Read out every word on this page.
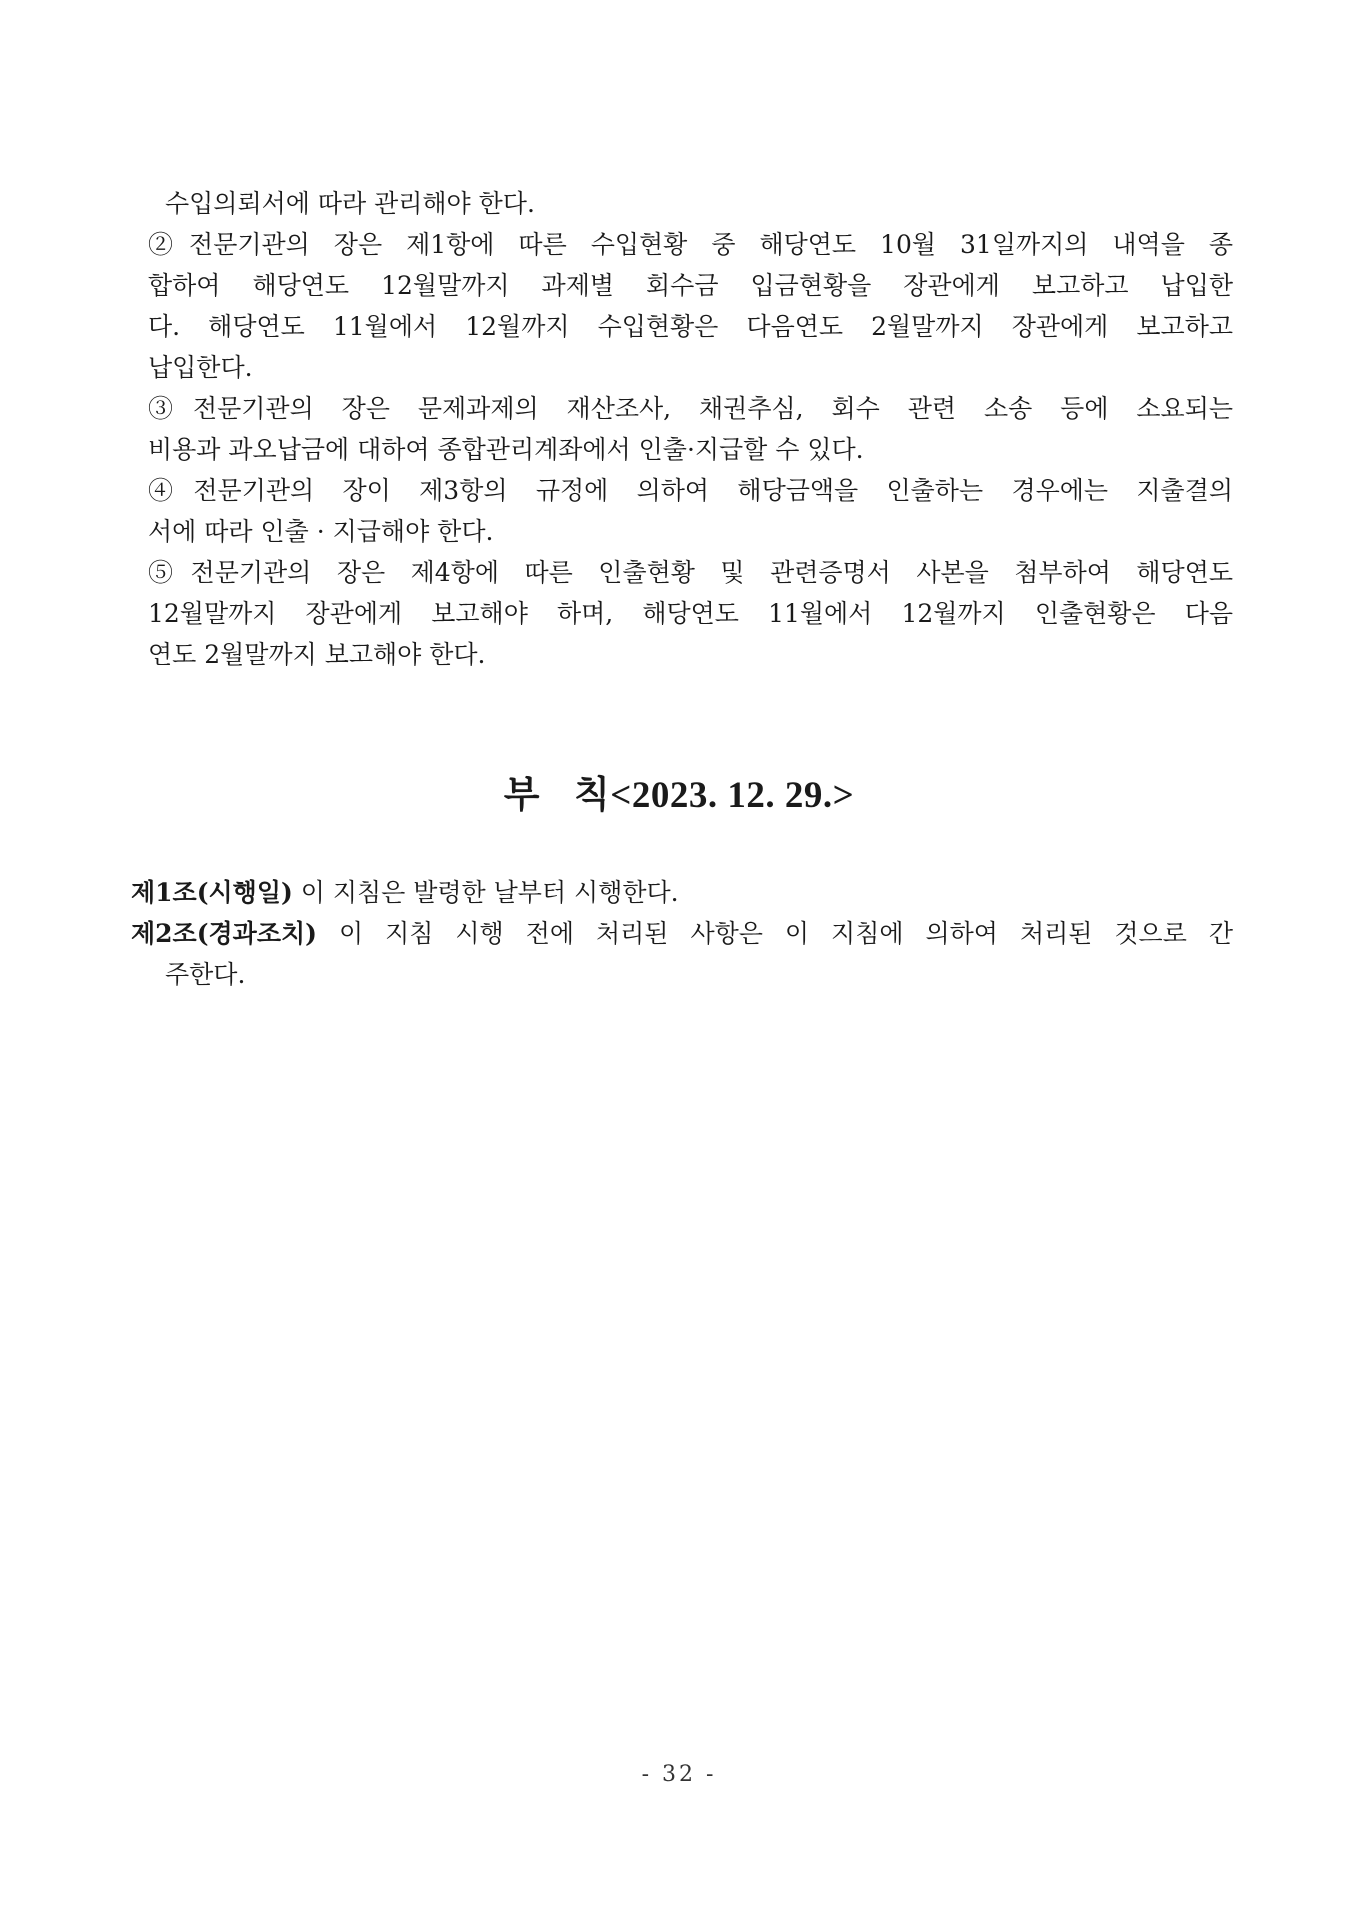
수입의뢰서에 따라 관리해야 한다.
②전문기관의 장은 제1항에 따른 수입현황 중 해당연도 10월 31일까지의 내역을 종
합하여 해당연도 12월말까지 과제별 회수금 입금현황을 장관에게 보고하고 납입한
다. 해당연도 11월에서 12월까지 수입현황은 다음연도 2월말까지 장관에게 보고하고
납입한다.
③전문기관의 장은 문제과제의 재산조사, 채권추심, 회수 관련 소송 등에 소요되는
비용과 과오납금에 대하여 종합관리계좌에서 인출·지급할 수 있다.
④전문기관의 장이 제3항의 규정에 의하여 해당금액을 인출하는 경우에는 지출결의
서에 따라 인출 · 지급해야 한다.
⑤전문기관의 장은 제4항에 따른 인출현황 및 관련증명서 사본을 첨부하여 해당연도
12월말까지 장관에게 보고해야 하며, 해당연도 11월에서 12월까지 인출현황은 다음
연도 2월말까지 보고해야 한다.
부 칙<2023. 12. 29.>
제1조(시행일) 이 지침은 발령한 날부터 시행한다.
제2조(경과조치) 이 지침 시행 전에 처리된 사항은 이 지침에 의하여 처리된 것으로 간
주한다.
- 32 -
